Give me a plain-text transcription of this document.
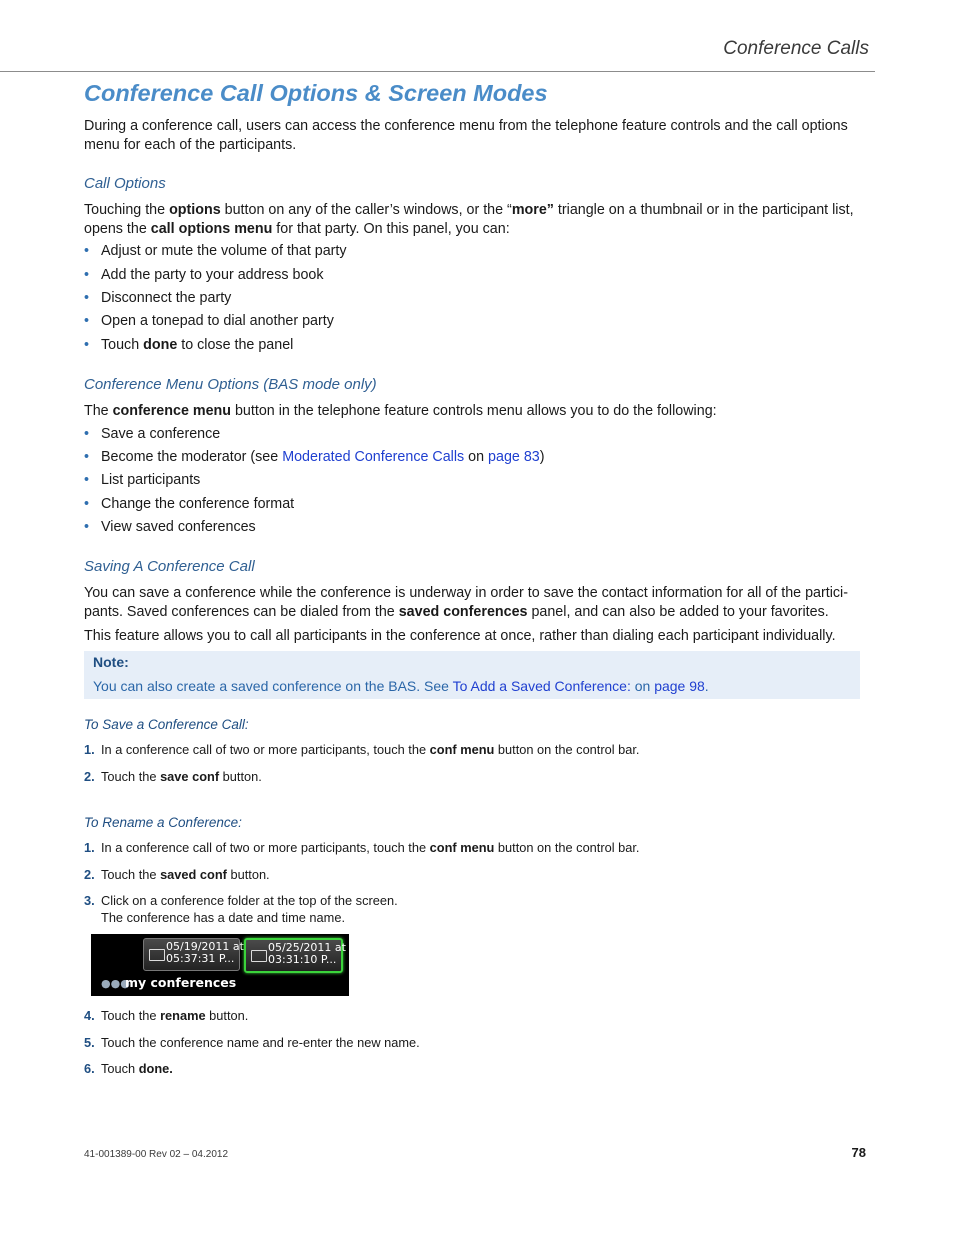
Conference Calls
Conference Call Options & Screen Modes
During a conference call, users can access the conference menu from the telephone feature controls and the call options menu for each of the participants.
Call Options
Touching the options button on any of the caller’s windows, or the “more” triangle on a thumbnail or in the participant list, opens the call options menu for that party. On this panel, you can:
• Adjust or mute the volume of that party
• Add the party to your address book
• Disconnect the party
• Open a tonepad to dial another party
• Touch done to close the panel
Conference Menu Options (BAS mode only)
The conference menu button in the telephone feature controls menu allows you to do the following:
• Save a conference
• Become the moderator (see Moderated Conference Calls on page 83)
• List participants
• Change the conference format
• View saved conferences
Saving A Conference Call
You can save a conference while the conference is underway in order to save the contact information for all of the partici-pants. Saved conferences can be dialed from the saved conferences panel, and can also be added to your favorites.
This feature allows you to call all participants in the conference at once, rather than dialing each participant individually.
Note:
You can also create a saved conference on the BAS. See To Add a Saved Conference: on page 98.
To Save a Conference Call:
1. In a conference call of two or more participants, touch the conf menu button on the control bar.
2. Touch the save conf button.
To Rename a Conference:
1. In a conference call of two or more participants, touch the conf menu button on the control bar.
2. Touch the saved conf button.
3. Click on a conference folder at the top of the screen.
The conference has a date and time name.
05/19/2011 at
05:37:31 P...
05/25/2011 at
03:31:10 P...
●●●my conferences
4. Touch the rename button.
5. Touch the conference name and re-enter the new name.
6. Touch done.
41-001389-00 Rev 02 – 04.2012	78
